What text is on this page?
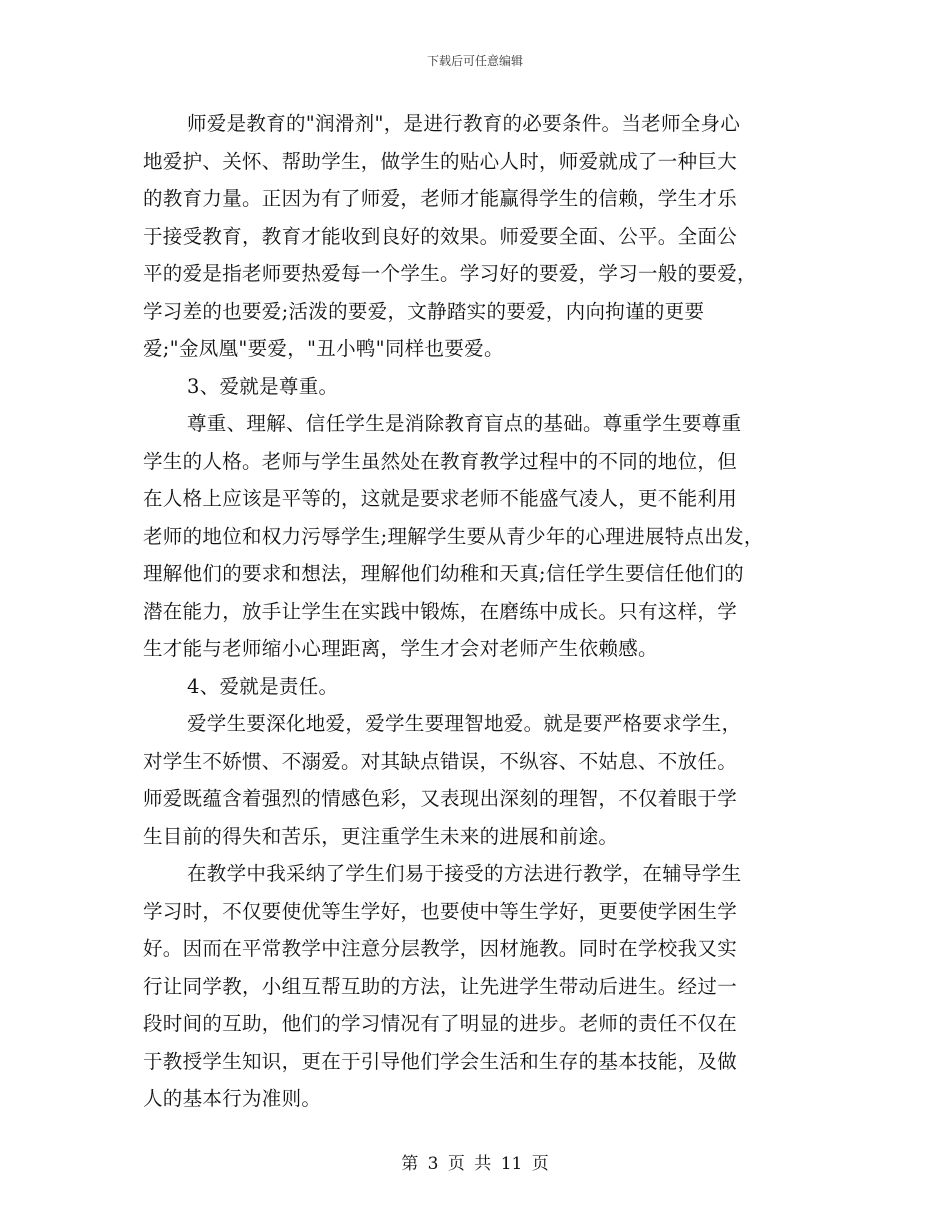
下载后可任意编辑
师爱是教育的"润滑剂"，是进行教育的必要条件。当老师全身心
地爱护、关怀、帮助学生，做学生的贴心人时，师爱就成了一种巨大
的教育力量。正因为有了师爱，老师才能赢得学生的信赖，学生才乐
于接受教育，教育才能收到良好的效果。师爱要全面、公平。全面公
平的爱是指老师要热爱每一个学生。学习好的要爱，学习一般的要爱，
学习差的也要爱;活泼的要爱，文静踏实的要爱，内向拘谨的更要
爱;"金凤凰"要爱，"丑小鸭"同样也要爱。
3、爱就是尊重。
尊重、理解、信任学生是消除教育盲点的基础。尊重学生要尊重
学生的人格。老师与学生虽然处在教育教学过程中的不同的地位，但
在人格上应该是平等的，这就是要求老师不能盛气凌人，更不能利用
老师的地位和权力污辱学生;理解学生要从青少年的心理进展特点出发，
理解他们的要求和想法，理解他们幼稚和天真;信任学生要信任他们的
潜在能力，放手让学生在实践中锻炼，在磨练中成长。只有这样，学
生才能与老师缩小心理距离，学生才会对老师产生依赖感。
4、爱就是责任。
爱学生要深化地爱，爱学生要理智地爱。就是要严格要求学生，
对学生不娇惯、不溺爱。对其缺点错误，不纵容、不姑息、不放任。
师爱既蕴含着强烈的情感色彩，又表现出深刻的理智，不仅着眼于学
生目前的得失和苦乐，更注重学生未来的进展和前途。
在教学中我采纳了学生们易于接受的方法进行教学，在辅导学生
学习时，不仅要使优等生学好，也要使中等生学好，更要使学困生学
好。因而在平常教学中注意分层教学，因材施教。同时在学校我又实
行让同学教，小组互帮互助的方法，让先进学生带动后进生。经过一
段时间的互助，他们的学习情况有了明显的进步。老师的责任不仅在
于教授学生知识，更在于引导他们学会生活和生存的基本技能，及做
人的基本行为准则。
第 3 页 共 11 页
